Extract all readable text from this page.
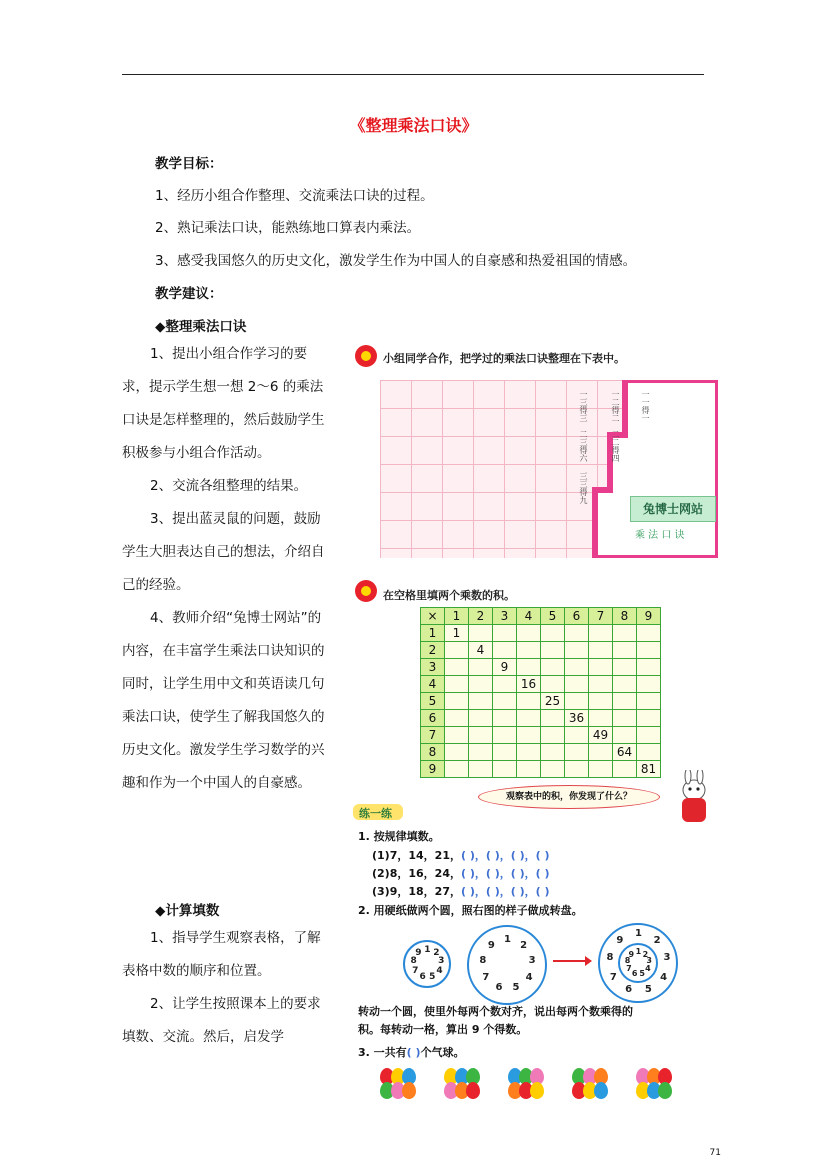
《整理乘法口诀》
教学目标：
1、经历小组合作整理、交流乘法口诀的过程。
2、熟记乘法口诀，能熟练地口算表内乘法。
3、感受我国悠久的历史文化，激发学生作为中国人的自豪感和热爱祖国的情感。
教学建议：
◆整理乘法口诀

1、提出小组合作学习的要求，提示学生想一想 2～6 的乘法口诀是怎样整理的，然后鼓励学生积极参与小组合作活动。

2、交流各组整理的结果。

3、提出蓝灵鼠的问题，鼓励学生大胆表达自己的想法，介绍自己的经验。

4、教师介绍“兔博士网站”的内容，在丰富学生乘法口诀知识的同时，让学生用中文和英语读几句乘法口诀，使学生了解我国悠久的历史文化。激发学生学习数学的兴趣和作为一个中国人的自豪感。

◆计算填数

1、指导学生观察表格，了解表格中数的顺序和位置。

2、让学生按照课本上的要求填数、交流。然后，启发学

小组同学合作，把学过的乘法口诀整理在下表中。
一一得一
一二得二
二二得四
一三得三
二三得六
三三得九
兔博士网站
乘 法 口 诀
在空格里填两个乘数的积。
×	1	2	3	4	5	6	7	8	9
1	1								
2		4							
3			9						
4				16					
5					25				
6						36			
7							49		
8								64	
9									81
观察表中的积，你发现了什么？
练一练
1. 按规律填数。
(1)7，14，21，( )，( )，( )，( )
(2)8，16，24，( )，( )，( )，( )
(3)9，18，27，( )，( )，( )，( )
2. 用硬纸做两个圆，照右图的样子做成转盘。
1 2
3
4
5
6
7
8
9
1
2
3
4
5
6
7
8
9
1
2
3
4
5
6
7
8
9
1 2
3
4
5
6
7
8
9
转动一个圆，使里外每两个数对齐，说出每两个数乘得的
积。每转动一格，算出 9 个得数。
3. 一共有( )个气球。
71
